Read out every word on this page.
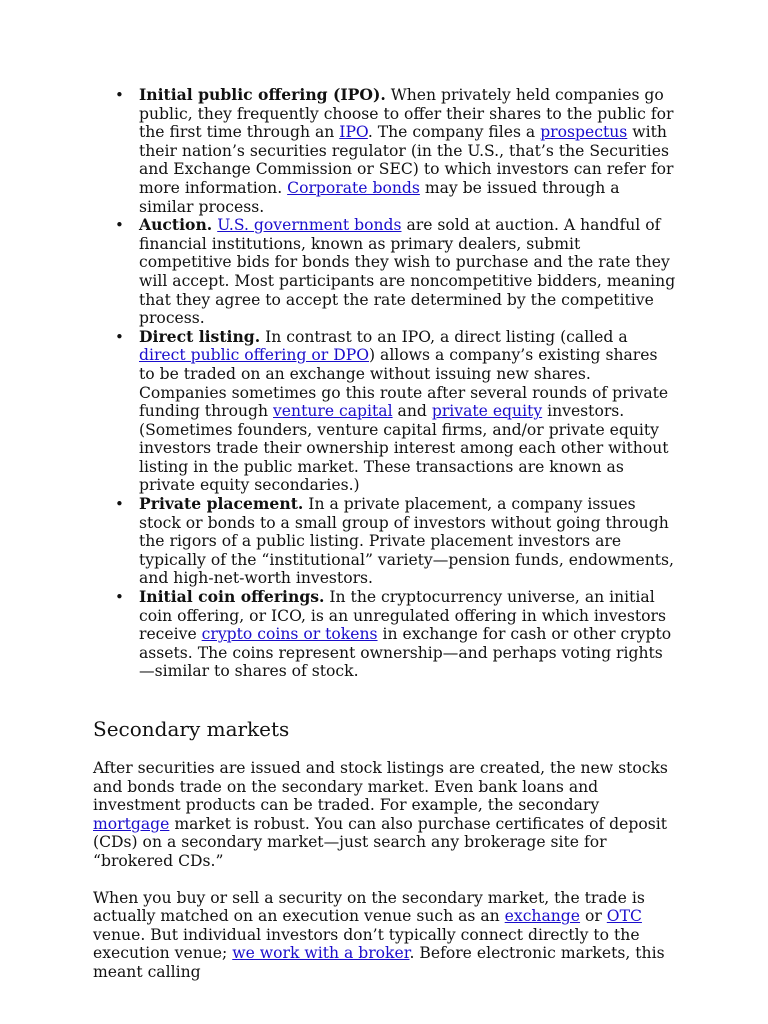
• Initial public offering (IPO). When privately held companies go public, they frequently choose to offer their shares to the public for the first time through an IPO. The company files a prospectus with their nation’s securities regulator (in the U.S., that’s the Securities and Exchange Commission or SEC) to which investors can refer for more information. Corporate bonds may be issued through a similar process.
• Auction. U.S. government bonds are sold at auction. A handful of financial institutions, known as primary dealers, submit competitive bids for bonds they wish to purchase and the rate they will accept. Most participants are noncompetitive bidders, meaning that they agree to accept the rate determined by the competitive process.
• Direct listing. In contrast to an IPO, a direct listing (called a direct public offering or DPO) allows a company’s existing shares to be traded on an exchange without issuing new shares. Companies sometimes go this route after several rounds of private funding through venture capital and private equity investors. (Sometimes founders, venture capital firms, and/or private equity investors trade their ownership interest among each other without listing in the public market. These transactions are known as private equity secondaries.)
• Private placement. In a private placement, a company issues stock or bonds to a small group of investors without going through the rigors of a public listing. Private placement investors are typically of the “institutional” variety—pension funds, endowments, and high-net-worth investors.
• Initial coin offerings. In the cryptocurrency universe, an initial coin offering, or ICO, is an unregulated offering in which investors receive crypto coins or tokens in exchange for cash or other crypto assets. The coins represent ownership—and perhaps voting rights—similar to shares of stock.
Secondary markets

After securities are issued and stock listings are created, the new stocks and bonds trade on the secondary market. Even bank loans and investment products can be traded. For example, the secondary mortgage market is robust. You can also purchase certificates of deposit (CDs) on a secondary market—just search any brokerage site for “brokered CDs.”

When you buy or sell a security on the secondary market, the trade is actually matched on an execution venue such as an exchange or OTC venue. But individual investors don’t typically connect directly to the execution venue; we work with a broker. Before electronic markets, this meant calling
